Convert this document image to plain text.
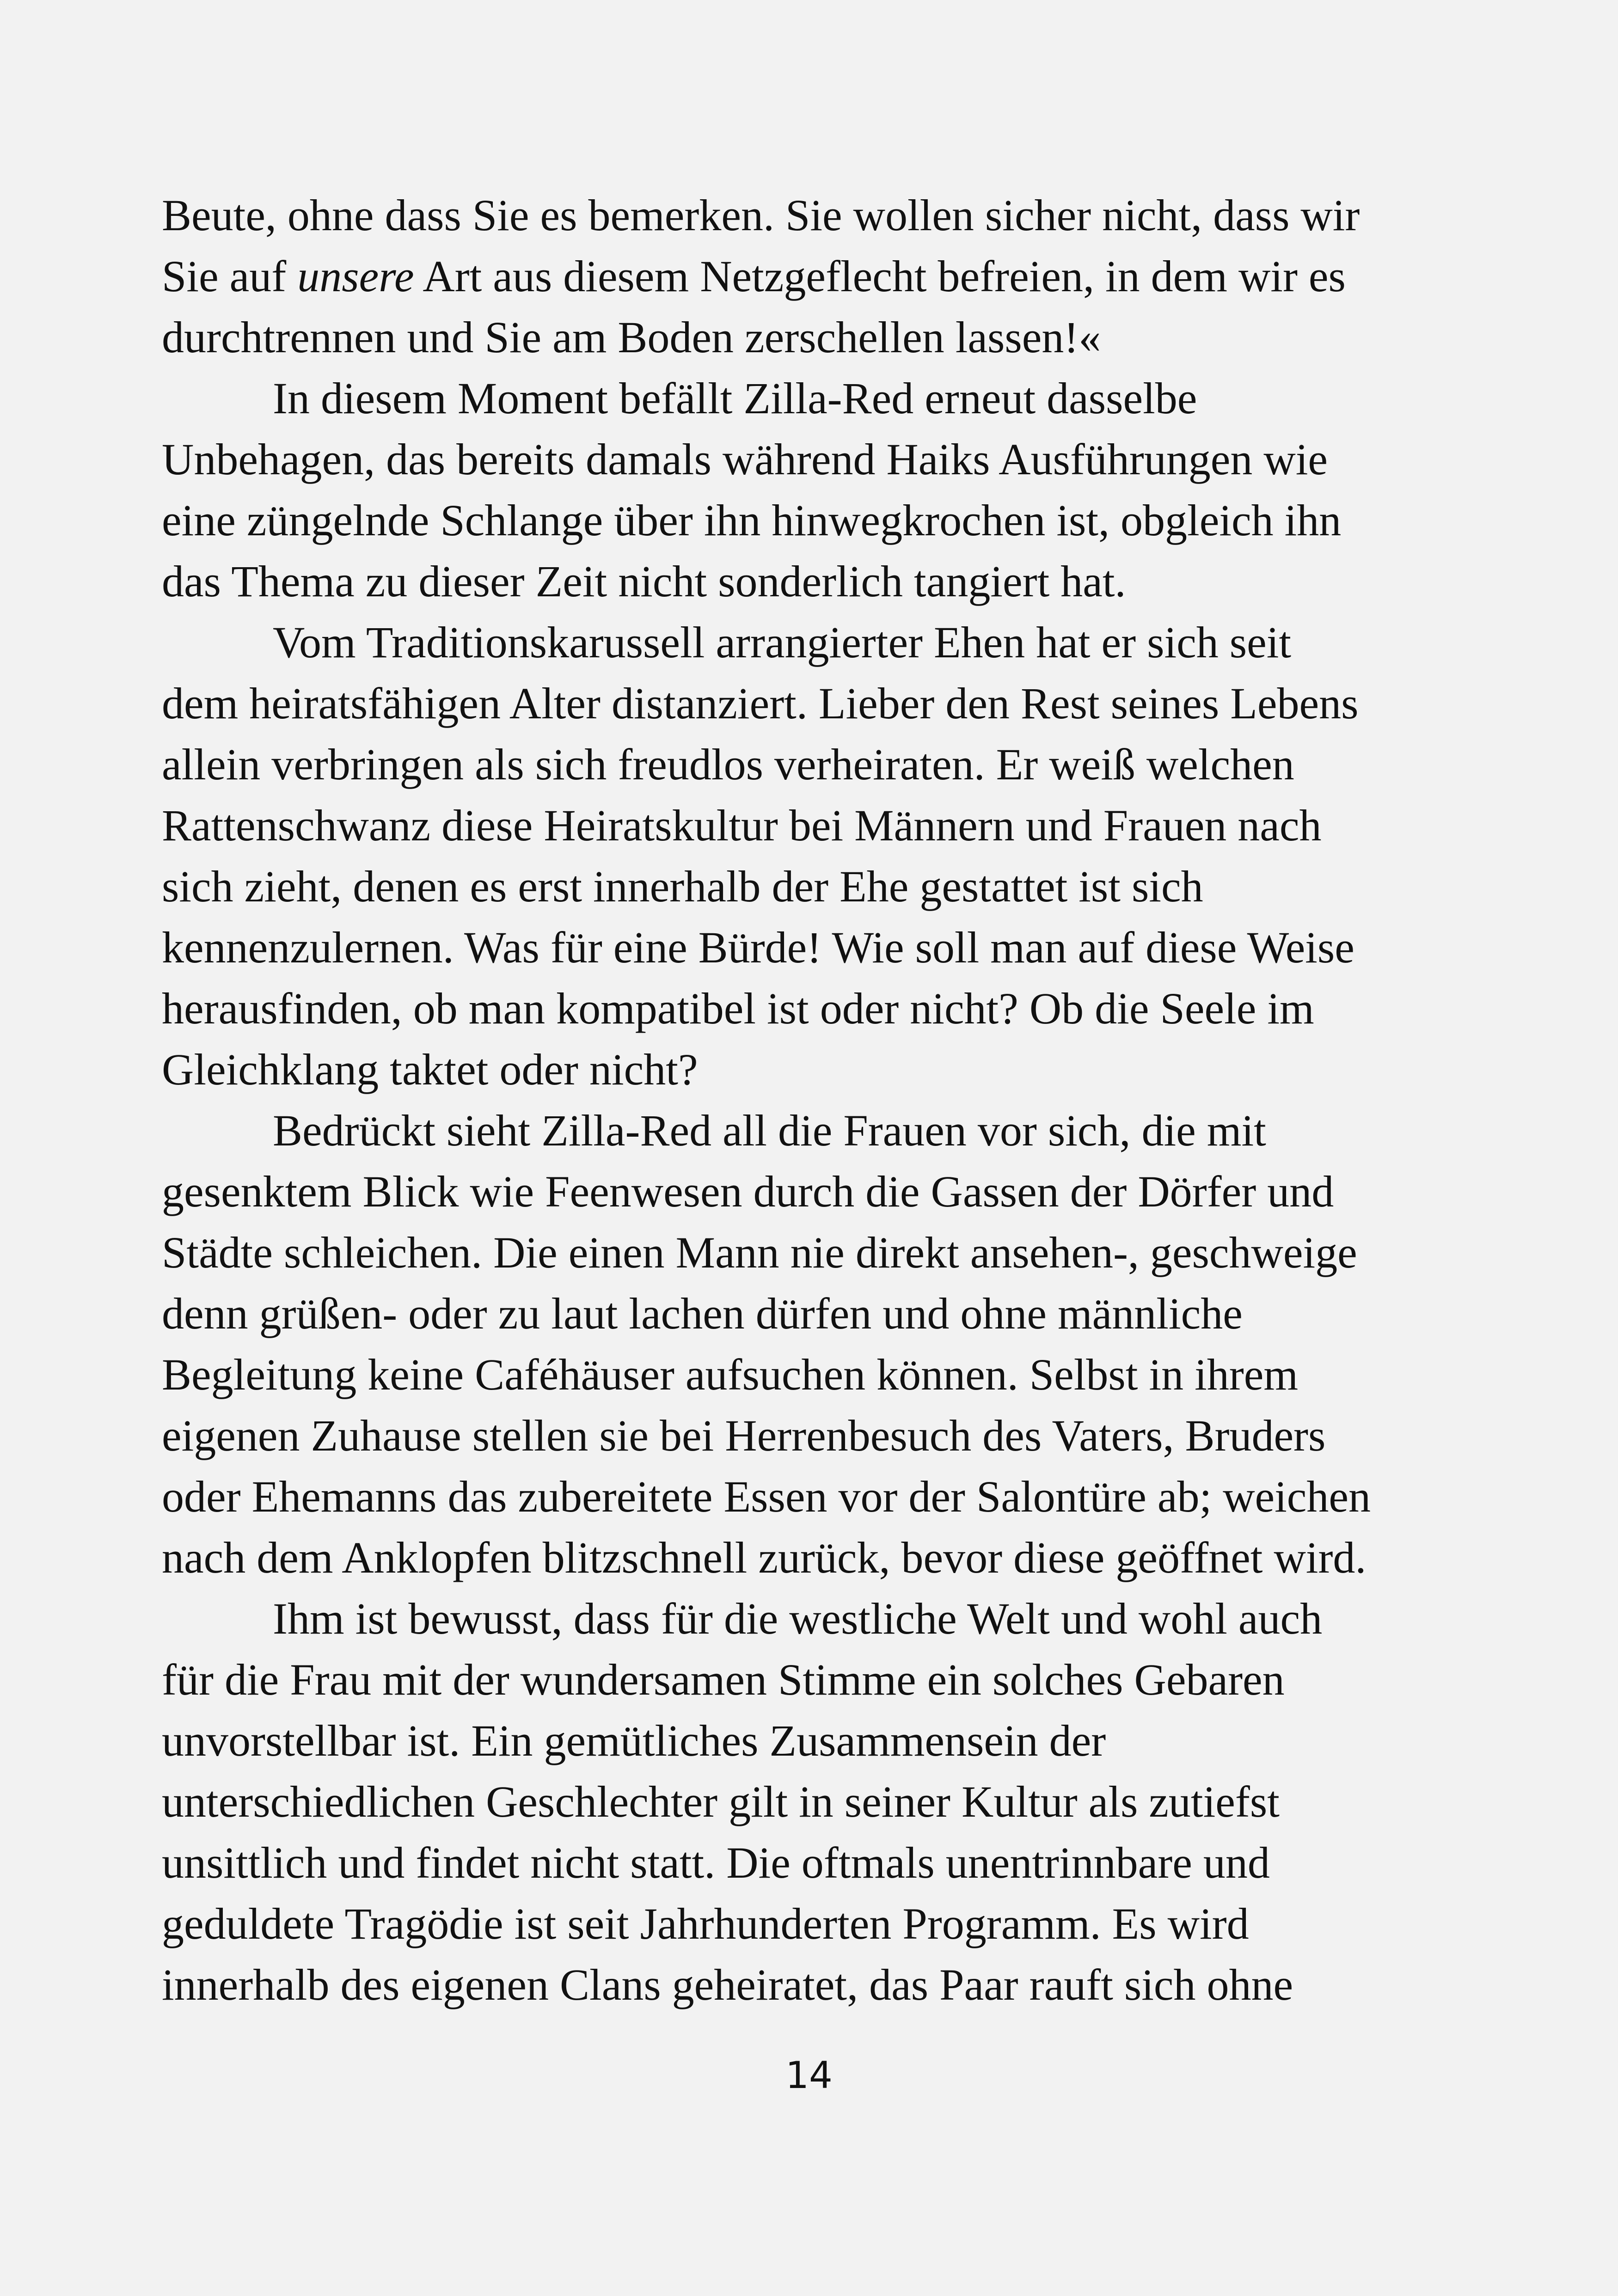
Beute, ohne dass Sie es bemerken. Sie wollen sicher nicht, dass wir
Sie auf unsere Art aus diesem Netzgeflecht befreien, in dem wir es
durchtrennen und Sie am Boden zerschellen lassen!«
In diesem Moment befällt Zilla-Red erneut dasselbe
Unbehagen, das bereits damals während Haiks Ausführungen wie
eine züngelnde Schlange über ihn hinwegkrochen ist, obgleich ihn
das Thema zu dieser Zeit nicht sonderlich tangiert hat.
Vom Traditionskarussell arrangierter Ehen hat er sich seit
dem heiratsfähigen Alter distanziert. Lieber den Rest seines Lebens
allein verbringen als sich freudlos verheiraten. Er weiß welchen
Rattenschwanz diese Heiratskultur bei Männern und Frauen nach
sich zieht, denen es erst innerhalb der Ehe gestattet ist sich
kennenzulernen. Was für eine Bürde! Wie soll man auf diese Weise
herausfinden, ob man kompatibel ist oder nicht? Ob die Seele im
Gleichklang taktet oder nicht?
Bedrückt sieht Zilla-Red all die Frauen vor sich, die mit
gesenktem Blick wie Feenwesen durch die Gassen der Dörfer und
Städte schleichen. Die einen Mann nie direkt ansehen-, geschweige
denn grüßen- oder zu laut lachen dürfen und ohne männliche
Begleitung keine Caféhäuser aufsuchen können. Selbst in ihrem
eigenen Zuhause stellen sie bei Herrenbesuch des Vaters, Bruders
oder Ehemanns das zubereitete Essen vor der Salontüre ab; weichen
nach dem Anklopfen blitzschnell zurück, bevor diese geöffnet wird.
Ihm ist bewusst, dass für die westliche Welt und wohl auch
für die Frau mit der wundersamen Stimme ein solches Gebaren
unvorstellbar ist. Ein gemütliches Zusammensein der
unterschiedlichen Geschlechter gilt in seiner Kultur als zutiefst
unsittlich und findet nicht statt. Die oftmals unentrinnbare und
geduldete Tragödie ist seit Jahrhunderten Programm. Es wird
innerhalb des eigenen Clans geheiratet, das Paar rauft sich ohne
14
